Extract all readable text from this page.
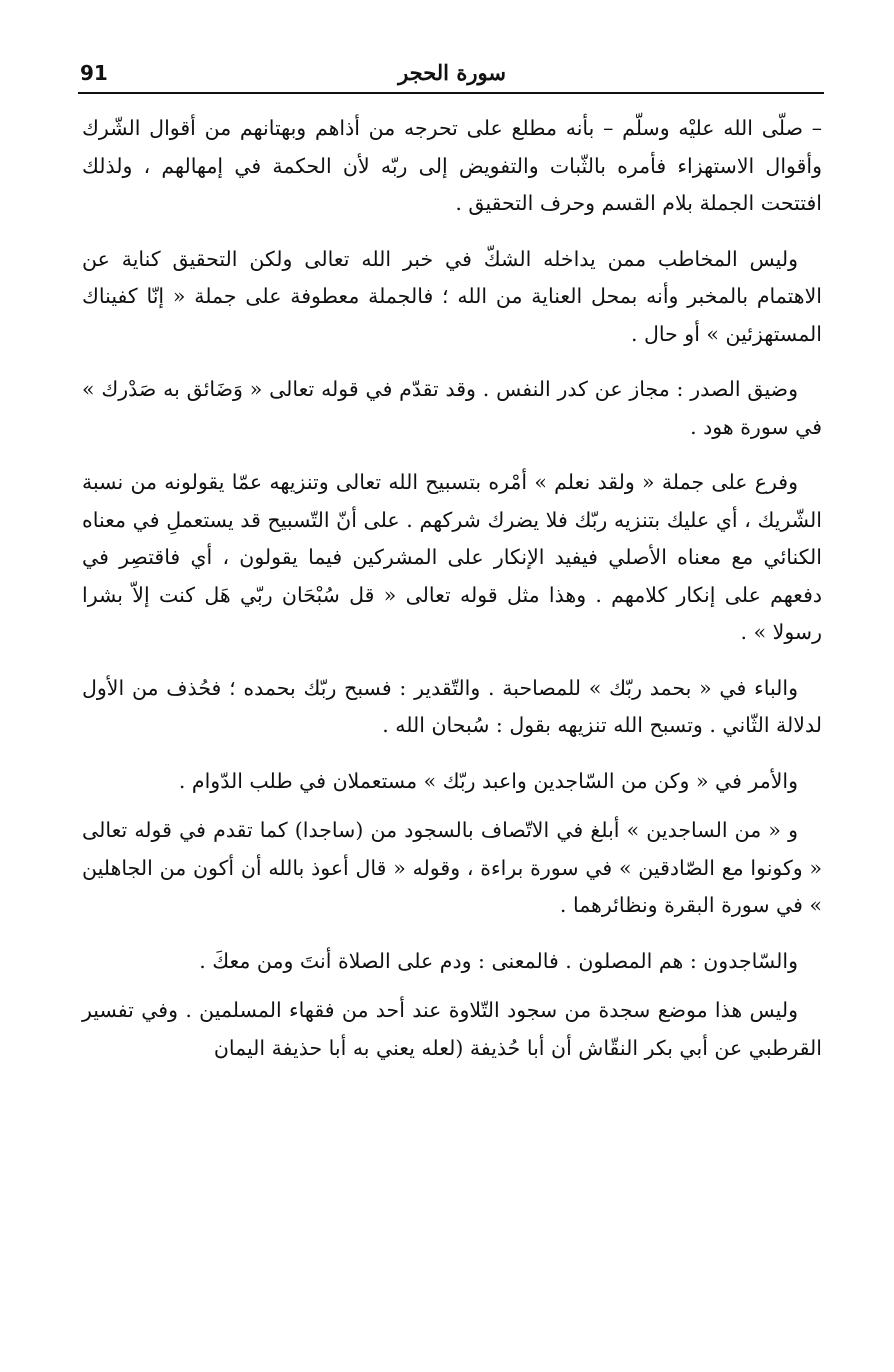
91	سورة الحجر

– صلّى الله عليْه وسلّم – بأنه مطلع على تحرجه من أذاهم وبهتانهم من أقوال الشّرك وأقوال الاستهزاء فأمره بالثّبات والتفويض إلى ربّه لأن الحكمة في إمهالهم ، ولذلك افتتحت الجملة بلام القسم وحرف التحقيق .

وليس المخاطب ممن يداخله الشكّ في خبر الله تعالى ولكن التحقيق كناية عن الاهتمام بالمخبر وأنه بمحل العناية من الله ؛ فالجملة معطوفة على جملة « إنّا كفيناك المستهزئين » أو حال .

وضيق الصدر : مجاز عن كدر النفس . وقد تقدّم في قوله تعالى « وَضَائق به صَدْرك » في سورة هود .

وفرع على جملة « ولقد نعلم » أمْره بتسبيح الله تعالى وتنزيهه عمّا يقولونه من نسبة الشّريك ، أي عليك بتنزيه ربّك فلا يضرك شركهم . على أنّ التّسبيح قد يستعملِ في معناه الكنائي مع معناه الأصلي فيفيد الإنكار على المشركين فيما يقولون ، أي فاقتصِر في دفعهم على إنكار كلامهم . وهذا مثل قوله تعالى « قل سُبْحَان ربّي هَل كنت إلاّ بشرا رسولا » .

والباء في « بحمد ربّك » للمصاحبة . والتّقدير : فسبح ربّك بحمده ؛ فحُذف من الأول لدلالة الثّاني . وتسبح الله تنزيهه بقول : سُبحان الله .

والأمر في « وكن من السّاجدين واعبد ربّك » مستعملان في طلب الدّوام .

و « من الساجدين » أبلغ في الاتّصاف بالسجود من (ساجدا) كما تقدم في قوله تعالى « وكونوا مع الصّادقين » في سورة براءة ، وقوله « قال أعوذ بالله أن أكون من الجاهلين » في سورة البقرة ونظائرهما .

والسّاجدون : هم المصلون . فالمعنى : ودم على الصلاة أنتَ ومن معكَ .

وليس هذا موضع سجدة من سجود التّلاوة عند أحد من فقهاء المسلمين . وفي تفسير القرطبي عن أبي بكر النقّاش أن أبا حُذيفة (لعله يعني به أبا حذيفة اليمان
